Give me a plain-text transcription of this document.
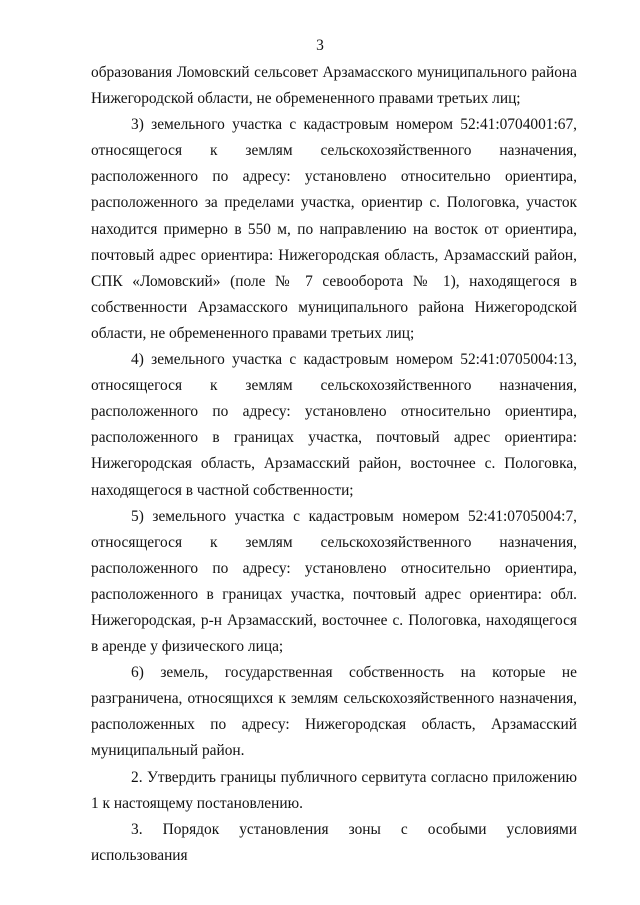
3

образования Ломовский сельсовет Арзамасского муниципального района Нижегородской области, не обремененного правами третьих лиц;

3) земельного участка с кадастровым номером 52:41:0704001:67, относящегося к землям сельскохозяйственного назначения, расположенного по адресу: установлено относительно ориентира, расположенного за пределами участка, ориентир с. Пологовка, участок находится примерно в 550 м, по направлению на восток от ориентира, почтовый адрес ориентира: Нижегородская область, Арзамасский район, СПК «Ломовский» (поле № 7 севооборота № 1), находящегося в собственности Арзамасского муниципального района Нижегородской области, не обремененного правами третьих лиц;

4) земельного участка с кадастровым номером 52:41:0705004:13, относящегося к землям сельскохозяйственного назначения, расположенного по адресу: установлено относительно ориентира, расположенного в границах участка, почтовый адрес ориентира: Нижегородская область, Арзамасский район, восточнее с. Пологовка, находящегося в частной собственности;

5) земельного участка с кадастровым номером 52:41:0705004:7, относящегося к землям сельскохозяйственного назначения, расположенного по адресу: установлено относительно ориентира, расположенного в границах участка, почтовый адрес ориентира: обл. Нижегородская, р-н Арзамасский, восточнее с. Пологовка, находящегося в аренде у физического лица;

6) земель, государственная собственность на которые не разграничена, относящихся к землям сельскохозяйственного назначения, расположенных по адресу: Нижегородская область, Арзамасский муниципальный район.

2. Утвердить границы публичного сервитута согласно приложению 1 к настоящему постановлению.

3. Порядок установления зоны с особыми условиями использования
